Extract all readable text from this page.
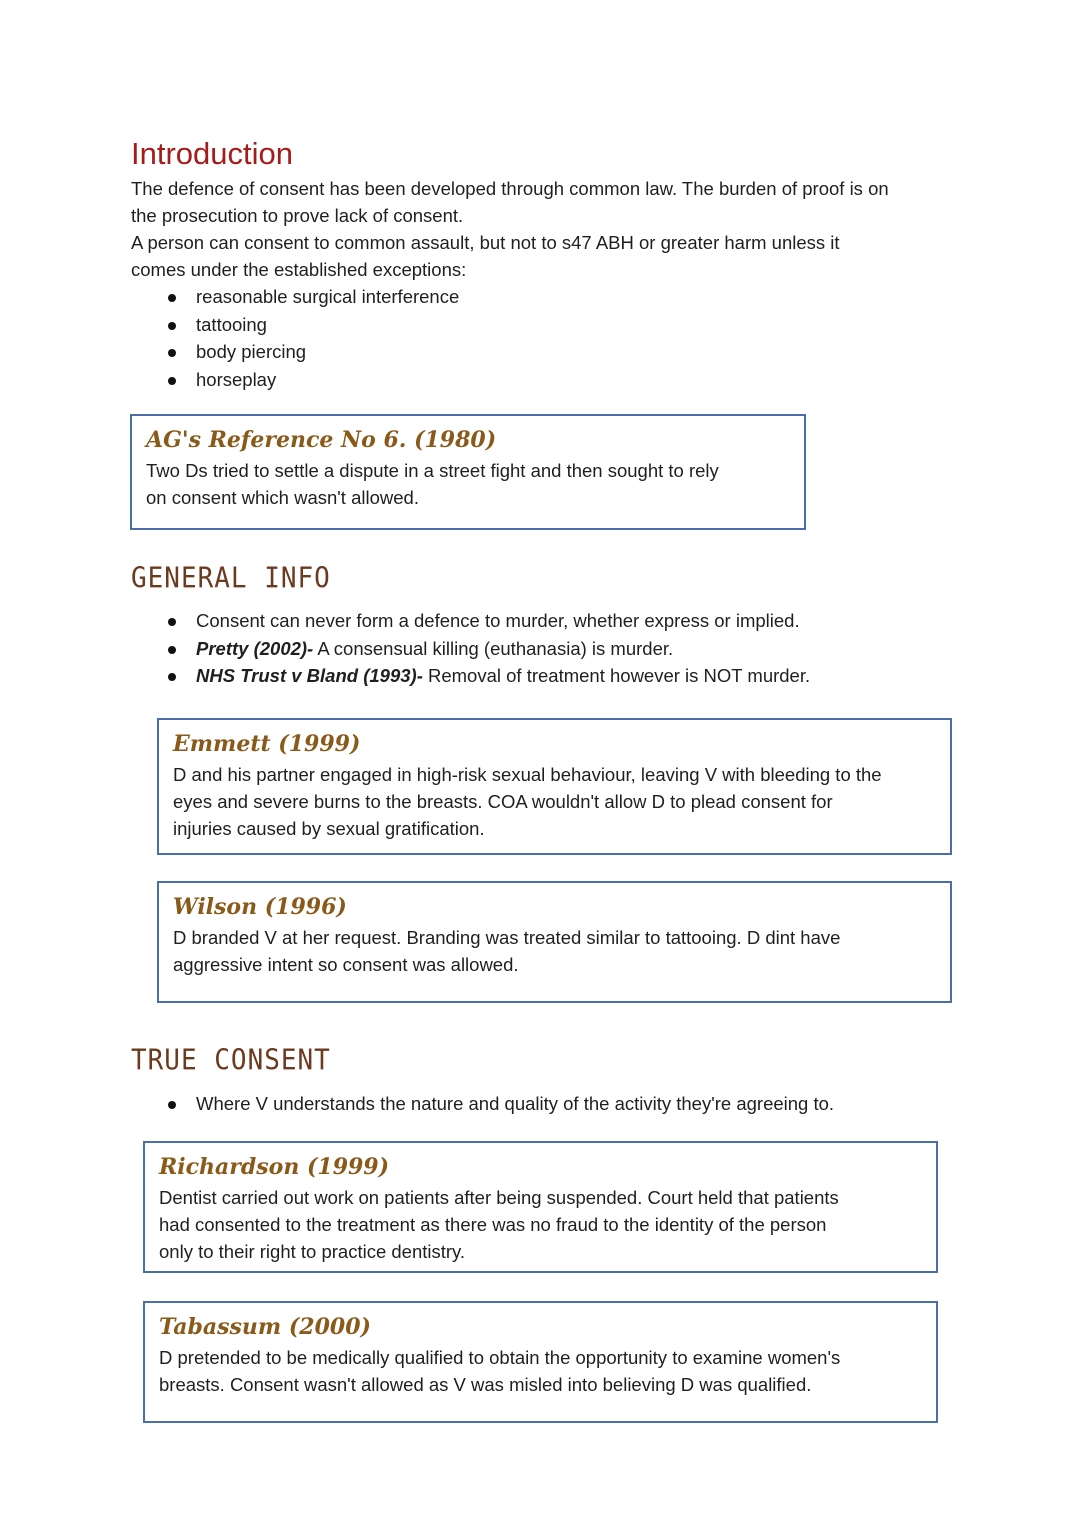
Introduction
The defence of consent has been developed through common law. The burden of proof is on
the prosecution to prove lack of consent.
A person can consent to common assault, but not to s47 ABH or greater harm unless it
comes under the established exceptions:
reasonable surgical interference
tattooing
body piercing
horseplay
AG's Reference No 6. (1980)
Two Ds tried to settle a dispute in a street fight and then sought to rely
on consent which wasn't allowed.
GENERAL INFO
Consent can never form a defence to murder, whether express or implied.
Pretty (2002)- A consensual killing (euthanasia) is murder.
NHS Trust v Bland (1993)- Removal of treatment however is NOT murder.
Emmett (1999)
D and his partner engaged in high-risk sexual behaviour, leaving V with bleeding to the
eyes and severe burns to the breasts. COA wouldn't allow D to plead consent for
injuries caused by sexual gratification.
Wilson (1996)
D branded V at her request. Branding was treated similar to tattooing. D dint have
aggressive intent so consent was allowed.
TRUE CONSENT
Where V understands the nature and quality of the activity they're agreeing to.
Richardson (1999)
Dentist carried out work on patients after being suspended. Court held that patients
had consented to the treatment as there was no fraud to the identity of the person
only to their right to practice dentistry.
Tabassum (2000)
D pretended to be medically qualified to obtain the opportunity to examine women's
breasts. Consent wasn't allowed as V was misled into believing D was qualified.
